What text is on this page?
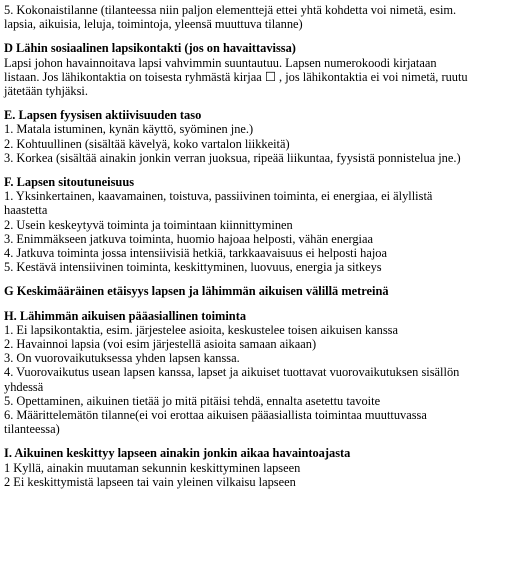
5. Kokonaistilanne (tilanteessa niin paljon elementtejä ettei yhtä kohdetta voi nimetä, esim.
lapsia, aikuisia, leluja, toimintoja, yleensä muuttuva tilanne)
D Lähin sosiaalinen lapsikontakti (jos on havaittavissa)
Lapsi johon havainnoitava lapsi vahvimmin suuntautuu. Lapsen numerokoodi kirjataan
listaan. Jos lähikontaktia on toisesta ryhmästä kirjaa ☐ , jos lähikontaktia ei voi nimetä, ruutu
jätetään tyhjäksi.
E. Lapsen fyysisen aktiivisuuden taso
1. Matala istuminen, kynän käyttö, syöminen jne.)
2. Kohtuullinen (sisältää kävelyä, koko vartalon liikkeitä)
3. Korkea (sisältää ainakin jonkin verran juoksua, ripeää liikuntaa, fyysistä ponnistelua jne.)
F. Lapsen sitoutuneisuus
1. Yksinkertainen, kaavamainen, toistuva, passiivinen toiminta, ei energiaa, ei älyllistä
haastetta
2. Usein keskeytyvä toiminta ja toimintaan kiinnittyminen
3. Enimmäkseen jatkuva toiminta, huomio hajoaa helposti, vähän energiaa
4. Jatkuva toiminta jossa intensiivisiä hetkiä, tarkkaavaisuus ei helposti hajoa
5. Kestävä intensiivinen toiminta, keskittyminen, luovuus, energia ja sitkeys
G Keskimääräinen etäisyys lapsen ja lähimmän aikuisen välillä metreinä
H. Lähimmän aikuisen pääasiallinen toiminta
1. Ei lapsikontaktia, esim. järjestelee asioita, keskustelee toisen aikuisen kanssa
2. Havainnoi lapsia (voi esim järjestellä asioita samaan aikaan)
3. On vuorovaikutuksessa yhden lapsen kanssa.
4. Vuorovaikutus usean lapsen kanssa, lapset ja aikuiset tuottavat vuorovaikutuksen sisällön
yhdessä
5. Opettaminen, aikuinen tietää jo mitä pitäisi tehdä, ennalta asetettu tavoite
6. Määrittelemätön tilanne(ei voi erottaa aikuisen pääasiallista toimintaa muuttuvassa
tilanteessa)
I. Aikuinen keskittyy lapseen ainakin jonkin aikaa havaintoajasta
1 Kyllä, ainakin muutaman sekunnin keskittyminen lapseen
2 Ei keskittymistä lapseen tai vain yleinen vilkaisu lapseen
